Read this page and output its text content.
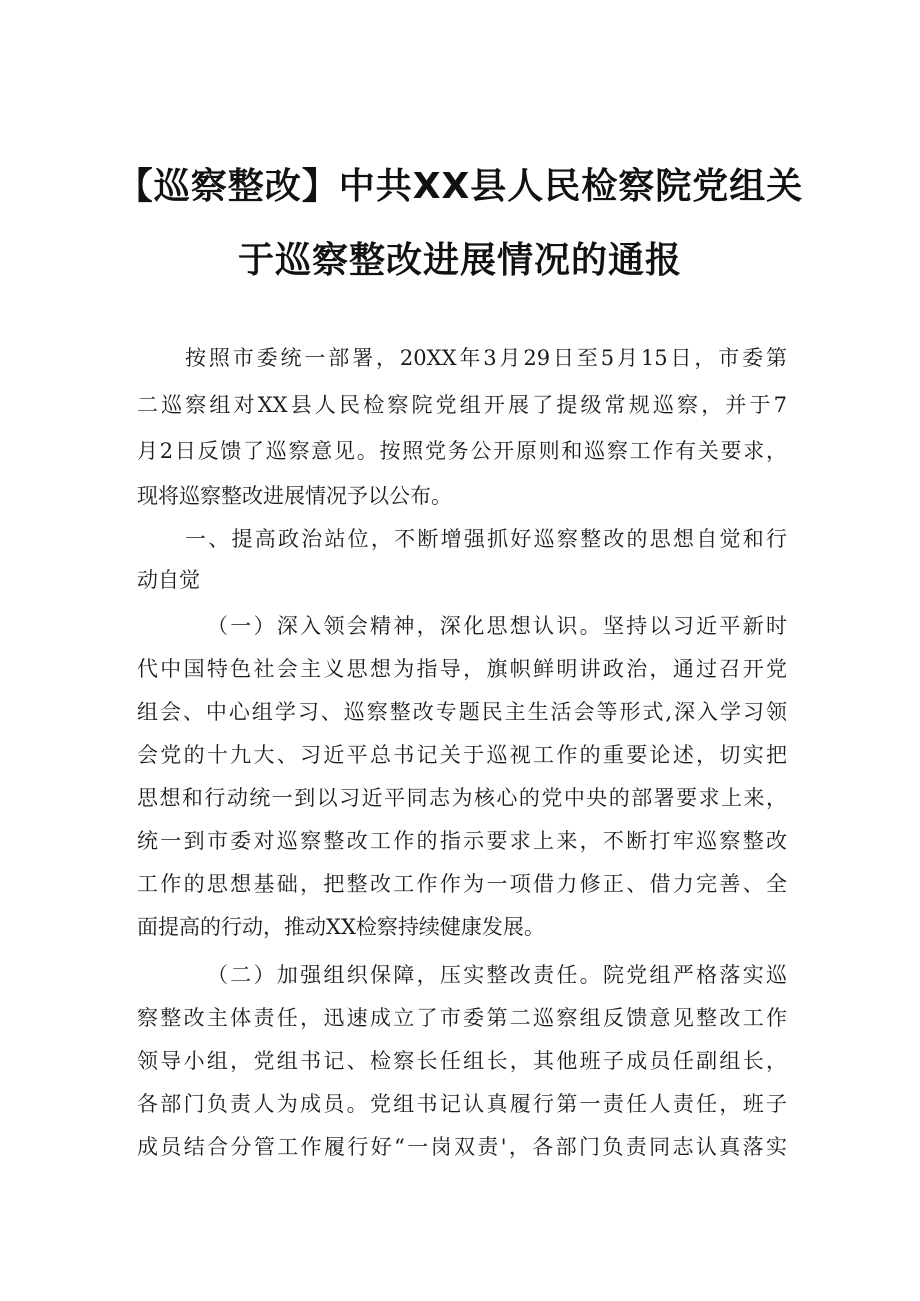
【巡察整改】中共XX县人民检察院党组关
于巡察整改进展情况的通报
按照市委统一部署，20XX年3月29日至5月15日，市委第
二巡察组对XX县人民检察院党组开展了提级常规巡察，并于7
月2日反馈了巡察意见。按照党务公开原则和巡察工作有关要求，
现将巡察整改进展情况予以公布。
一、提高政治站位，不断增强抓好巡察整改的思想自觉和行
动自觉
（一）深入领会精神，深化思想认识。坚持以习近平新时
代中国特色社会主义思想为指导，旗帜鲜明讲政治，通过召开党
组会、中心组学习、巡察整改专题民主生活会等形式,深入学习领
会党的十九大、习近平总书记关于巡视工作的重要论述，切实把
思想和行动统一到以习近平同志为核心的党中央的部署要求上来，
统一到市委对巡察整改工作的指示要求上来，不断打牢巡察整改
工作的思想基础，把整改工作作为一项借力修正、借力完善、全
面提高的行动，推动XX检察持续健康发展。
（二）加强组织保障，压实整改责任。院党组严格落实巡
察整改主体责任，迅速成立了市委第二巡察组反馈意见整改工作
领导小组，党组书记、检察长任组长，其他班子成员任副组长，
各部门负责人为成员。党组书记认真履行第一责任人责任，班子
成员结合分管工作履行好“一岗双责'，各部门负责同志认真落实
